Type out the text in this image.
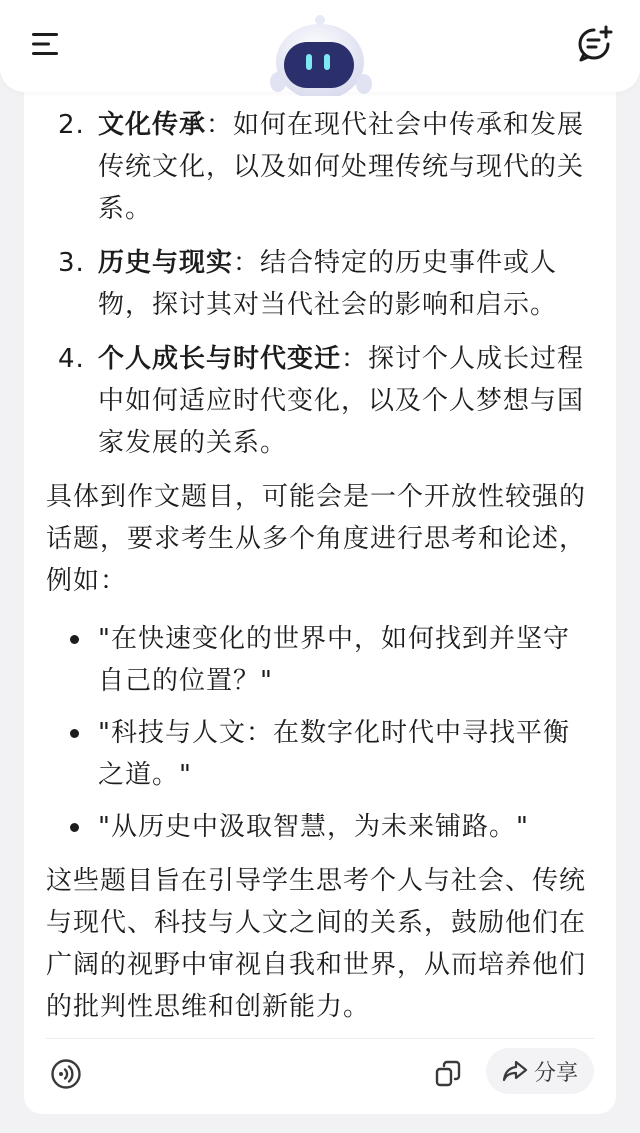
2. 文化传承：如何在现代社会中传承和发展传统文化，以及如何处理传统与现代的关系。
3. 历史与现实：结合特定的历史事件或人物，探讨其对当代社会的影响和启示。
4. 个人成长与时代变迁：探讨个人成长过程中如何适应时代变化，以及个人梦想与国家发展的关系。

具体到作文题目，可能会是一个开放性较强的话题，要求考生从多个角度进行思考和论述，例如：

"在快速变化的世界中，如何找到并坚守自己的位置？"
"科技与人文：在数字化时代中寻找平衡之道。"
"从历史中汲取智慧，为未来铺路。"

这些题目旨在引导学生思考个人与社会、传统与现代、科技与人文之间的关系，鼓励他们在广阔的视野中审视自我和世界，从而培养他们的批判性思维和创新能力。

分享
